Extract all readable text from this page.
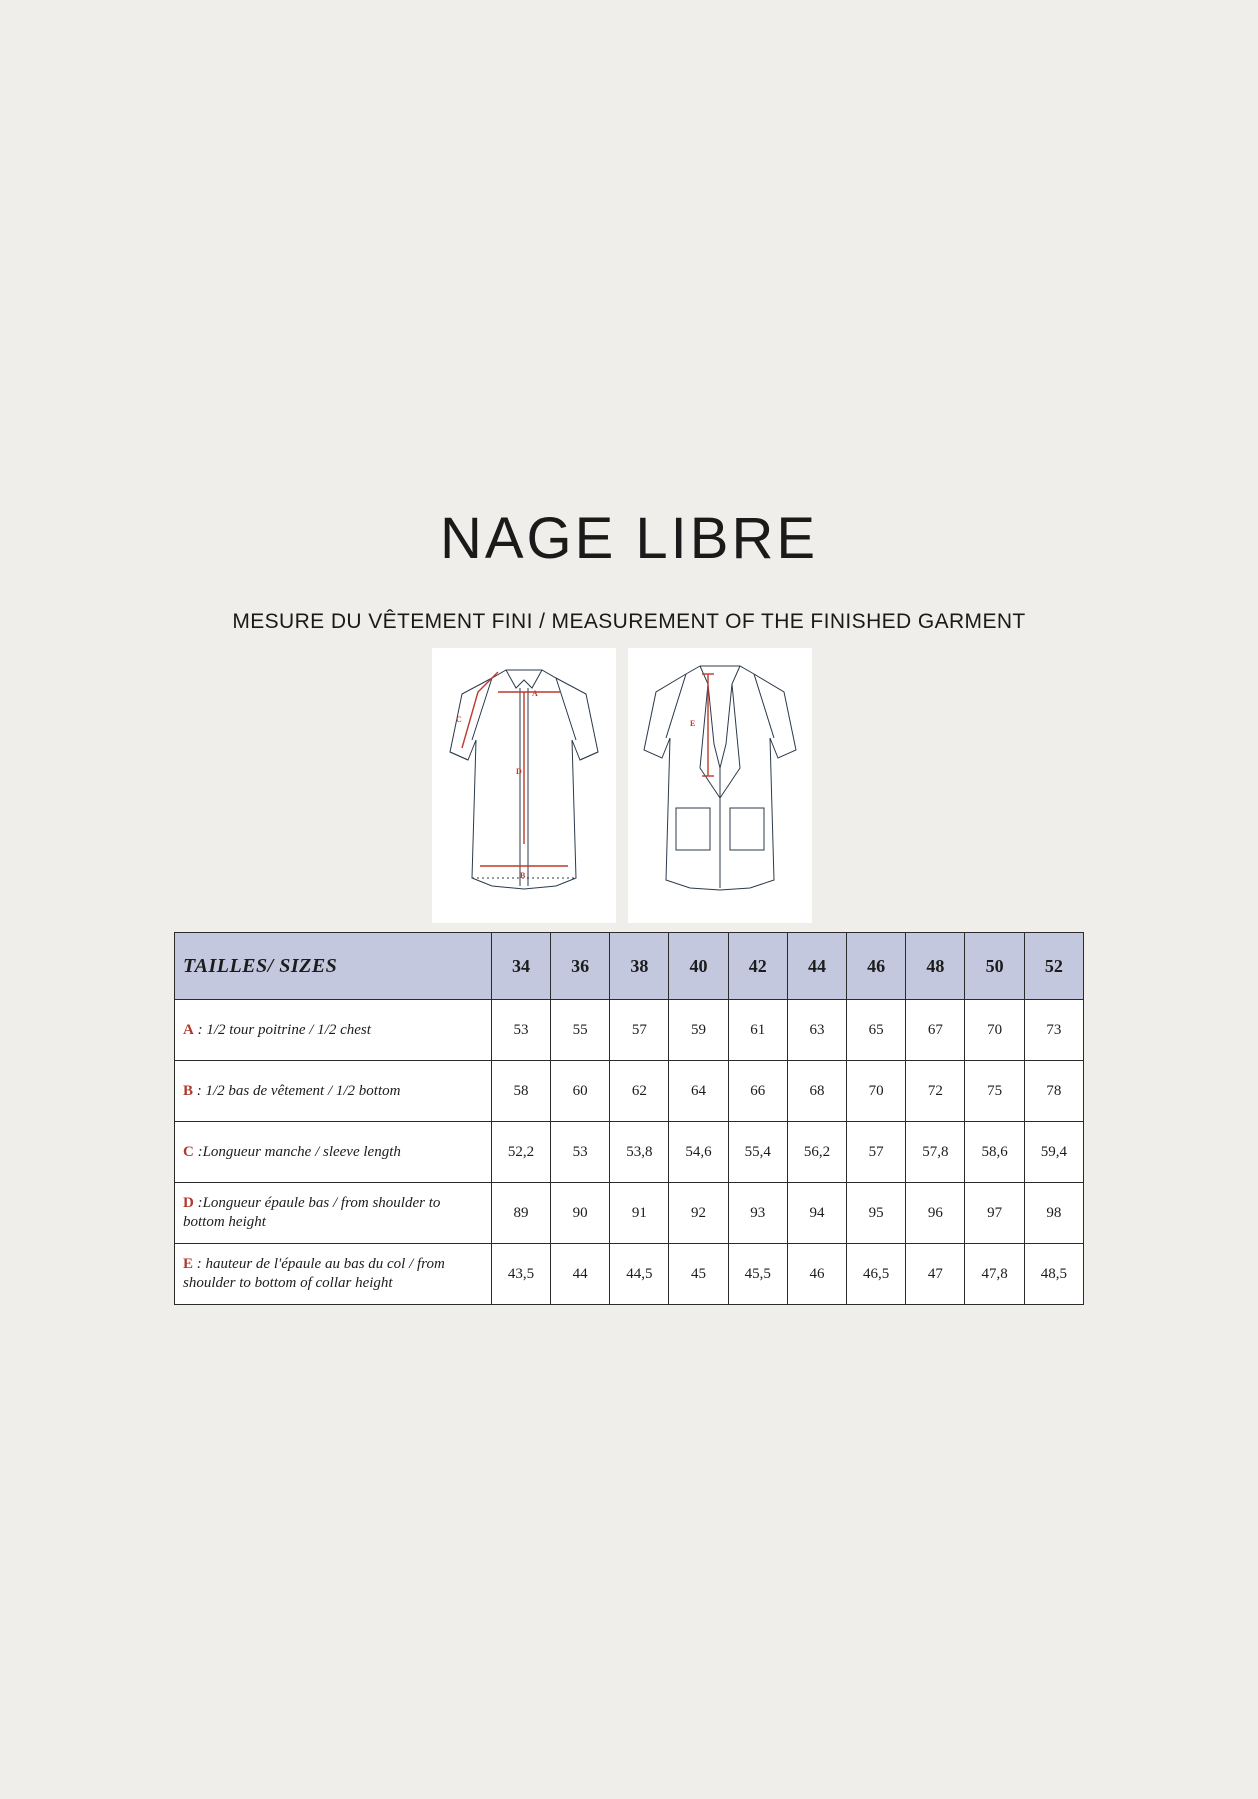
NAGE LIBRE
MESURE DU VÊTEMENT FINI / MEASUREMENT OF THE FINISHED GARMENT
C
A
D
B
E
TAILLES/ SIZES	34	36	38	40	42	44	46	48	50	52
A : 1/2 tour poitrine / 1/2 chest	53	55	57	59	61	63	65	67	70	73
B : 1/2 bas de vêtement / 1/2 bottom	58	60	62	64	66	68	70	72	75	78
C :Longueur manche / sleeve length	52,2	53	53,8	54,6	55,4	56,2	57	57,8	58,6	59,4
D :Longueur épaule bas / from shoulder to bottom height	89	90	91	92	93	94	95	96	97	98
E : hauteur de l'épaule au bas du col / from shoulder to bottom of collar height	43,5	44	44,5	45	45,5	46	46,5	47	47,8	48,5
